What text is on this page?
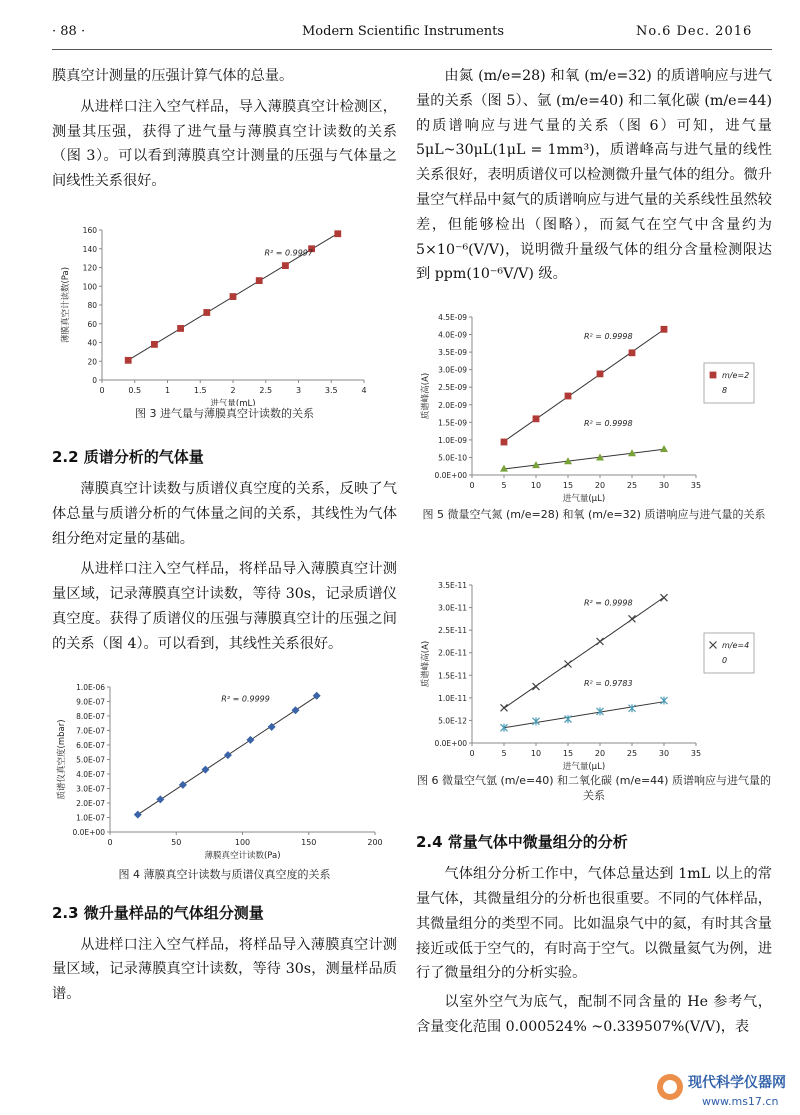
· 88 ·	Modern Scientific Instruments	No.6 Dec. 2016

膜真空计测量的压强计算气体的总量。

从进样口注入空气样品，导入薄膜真空计检测区，测量其压强，获得了进气量与薄膜真空计读数的关系（图 3）。可以看到薄膜真空计测量的压强与气体量之间线性关系很好。

0	0.5	1	1.5	2	2.5	3	3.5	4
0
20
40
60
80
100
120
140
160
进气量(mL)
薄膜真空计读数(Pa)
R² = 0.9997
图 3 进气量与薄膜真空计读数的关系
2.2 质谱分析的气体量

薄膜真空计读数与质谱仪真空度的关系，反映了气体总量与质谱分析的气体量之间的关系，其线性为气体组分绝对定量的基础。

从进样口注入空气样品，将样品导入薄膜真空计测量区域，记录薄膜真空计读数，等待 30s，记录质谱仪真空度。获得了质谱仪的压强与薄膜真空计的压强之间的关系（图 4）。可以看到，其线性关系很好。

0	50	100	150	200
0.0E+00
1.0E-07
2.0E-07
3.0E-07
4.0E-07
5.0E-07
6.0E-07
7.0E-07
8.0E-07
9.0E-07
1.0E-06
薄膜真空计读数(Pa)
质谱仪真空度(mbar)
R² = 0.9999
图 4 薄膜真空计读数与质谱仪真空度的关系
2.3 微升量样品的气体组分测量

从进样口注入空气样品，将样品导入薄膜真空计测量区域，记录薄膜真空计读数，等待 30s，测量样品质谱。

由氮 (m/e=28) 和氧 (m/e=32) 的质谱响应与进气量的关系（图 5）、氩 (m/e=40) 和二氧化碳 (m/e=44) 的质谱响应与进气量的关系（图 6）可知，进气量 5μL~30μL(1μL = 1mm³)，质谱峰高与进气量的线性关系很好，表明质谱仪可以检测微升量气体的组分。微升量空气样品中氦气的质谱响应与进气量的关系线性虽然较差，但能够检出（图略），而氦气在空气中含量约为 5×10⁻⁶(V/V)，说明微升量级气体的组分含量检测限达到 ppm(10⁻⁶V/V) 级。

0	5	10	15	20	25	30	35
0.0E+00
5.0E-10
1.0E-09
1.5E-09
2.0E-09
2.5E-09
3.0E-09
3.5E-09
4.0E-09
4.5E-09
进气量(μL)
质谱峰高(A)
R² = 0.9998
R² = 0.9998
m/e=2
8
图 5 微量空气氮 (m/e=28) 和氧 (m/e=32) 质谱响应与进气量的关系
0	5	10	15	20	25	30	35
0.0E+00
5.0E-12
1.0E-11
1.5E-11
2.0E-11
2.5E-11
3.0E-11
3.5E-11
进气量(μL)
质谱峰高(A)
R² = 0.9998
R² = 0.9783
m/e=4
0
图 6 微量空气氩 (m/e=40) 和二氧化碳 (m/e=44) 质谱响应与进气量的关系
2.4 常量气体中微量组分的分析

气体组分分析工作中，气体总量达到 1mL 以上的常量气体，其微量组分的分析也很重要。不同的气体样品，其微量组分的类型不同。比如温泉气中的氦，有时其含量接近或低于空气的，有时高于空气。以微量氦气为例，进行了微量组分的分析实验。

以室外空气为底气，配制不同含量的 He 参考气，含量变化范围 0.000524% ~0.339507%(V/V)，表

现代科学仪器网
www.ms17.cn
